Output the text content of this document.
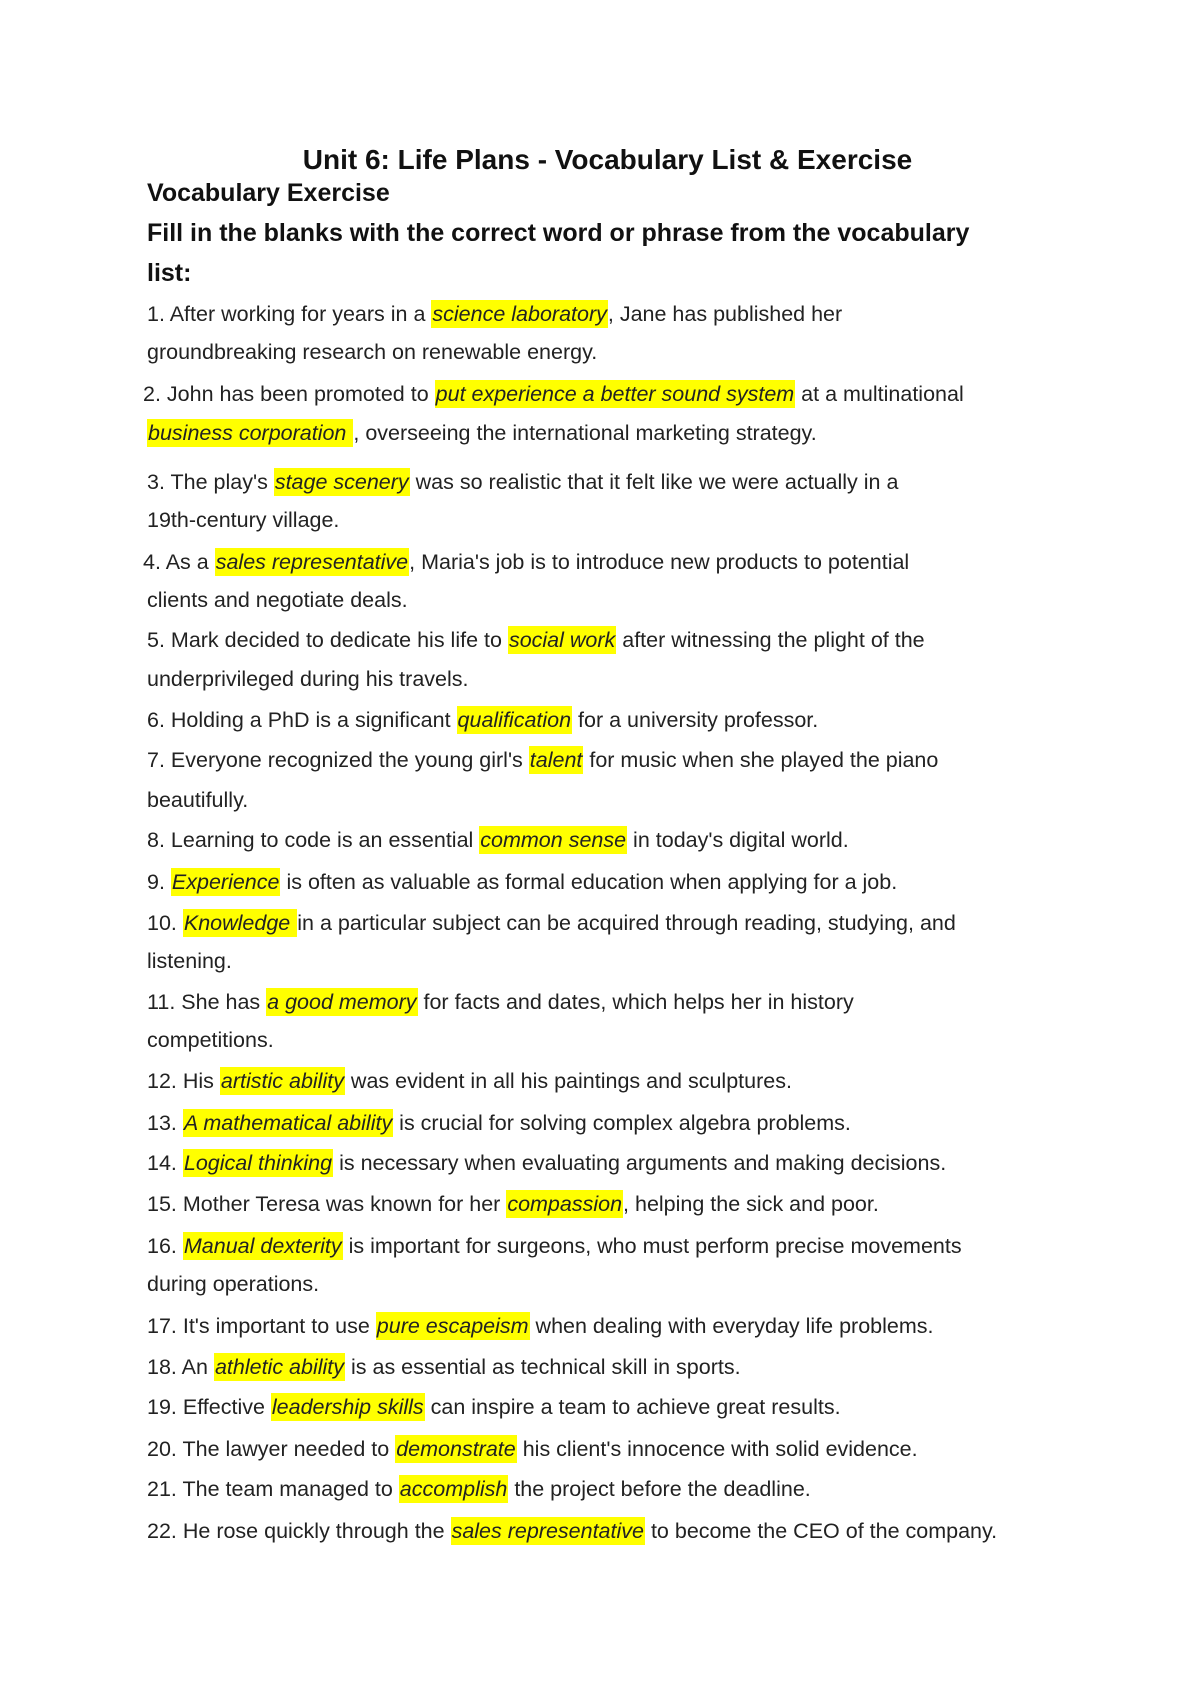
Unit 6: Life Plans - Vocabulary List & Exercise
Vocabulary Exercise
Fill in the blanks with the correct word or phrase from the vocabulary
list:
1. After working for years in a science laboratory, Jane has published her
groundbreaking research on renewable energy.
2. John has been promoted to put experience a better sound system at a multinational
business corporation , overseeing the international marketing strategy.
3. The play's stage scenery was so realistic that it felt like we were actually in a
19th-century village.
4. As a sales representative, Maria's job is to introduce new products to potential
clients and negotiate deals.
5. Mark decided to dedicate his life to social work after witnessing the plight of the
underprivileged during his travels.
6. Holding a PhD is a significant qualification for a university professor.
7. Everyone recognized the young girl's talent for music when she played the piano
beautifully.
8. Learning to code is an essential common sense in today's digital world.
9. Experience is often as valuable as formal education when applying for a job.
10. Knowledge in a particular subject can be acquired through reading, studying, and
listening.
11. She has a good memory for facts and dates, which helps her in history
competitions.
12. His artistic ability was evident in all his paintings and sculptures.
13. A mathematical ability is crucial for solving complex algebra problems.
14. Logical thinking is necessary when evaluating arguments and making decisions.
15. Mother Teresa was known for her compassion, helping the sick and poor.
16. Manual dexterity is important for surgeons, who must perform precise movements
during operations.
17. It's important to use pure escapeism when dealing with everyday life problems.
18. An athletic ability is as essential as technical skill in sports.
19. Effective leadership skills can inspire a team to achieve great results.
20. The lawyer needed to demonstrate his client's innocence with solid evidence.
21. The team managed to accomplish the project before the deadline.
22. He rose quickly through the sales representative to become the CEO of the company.
